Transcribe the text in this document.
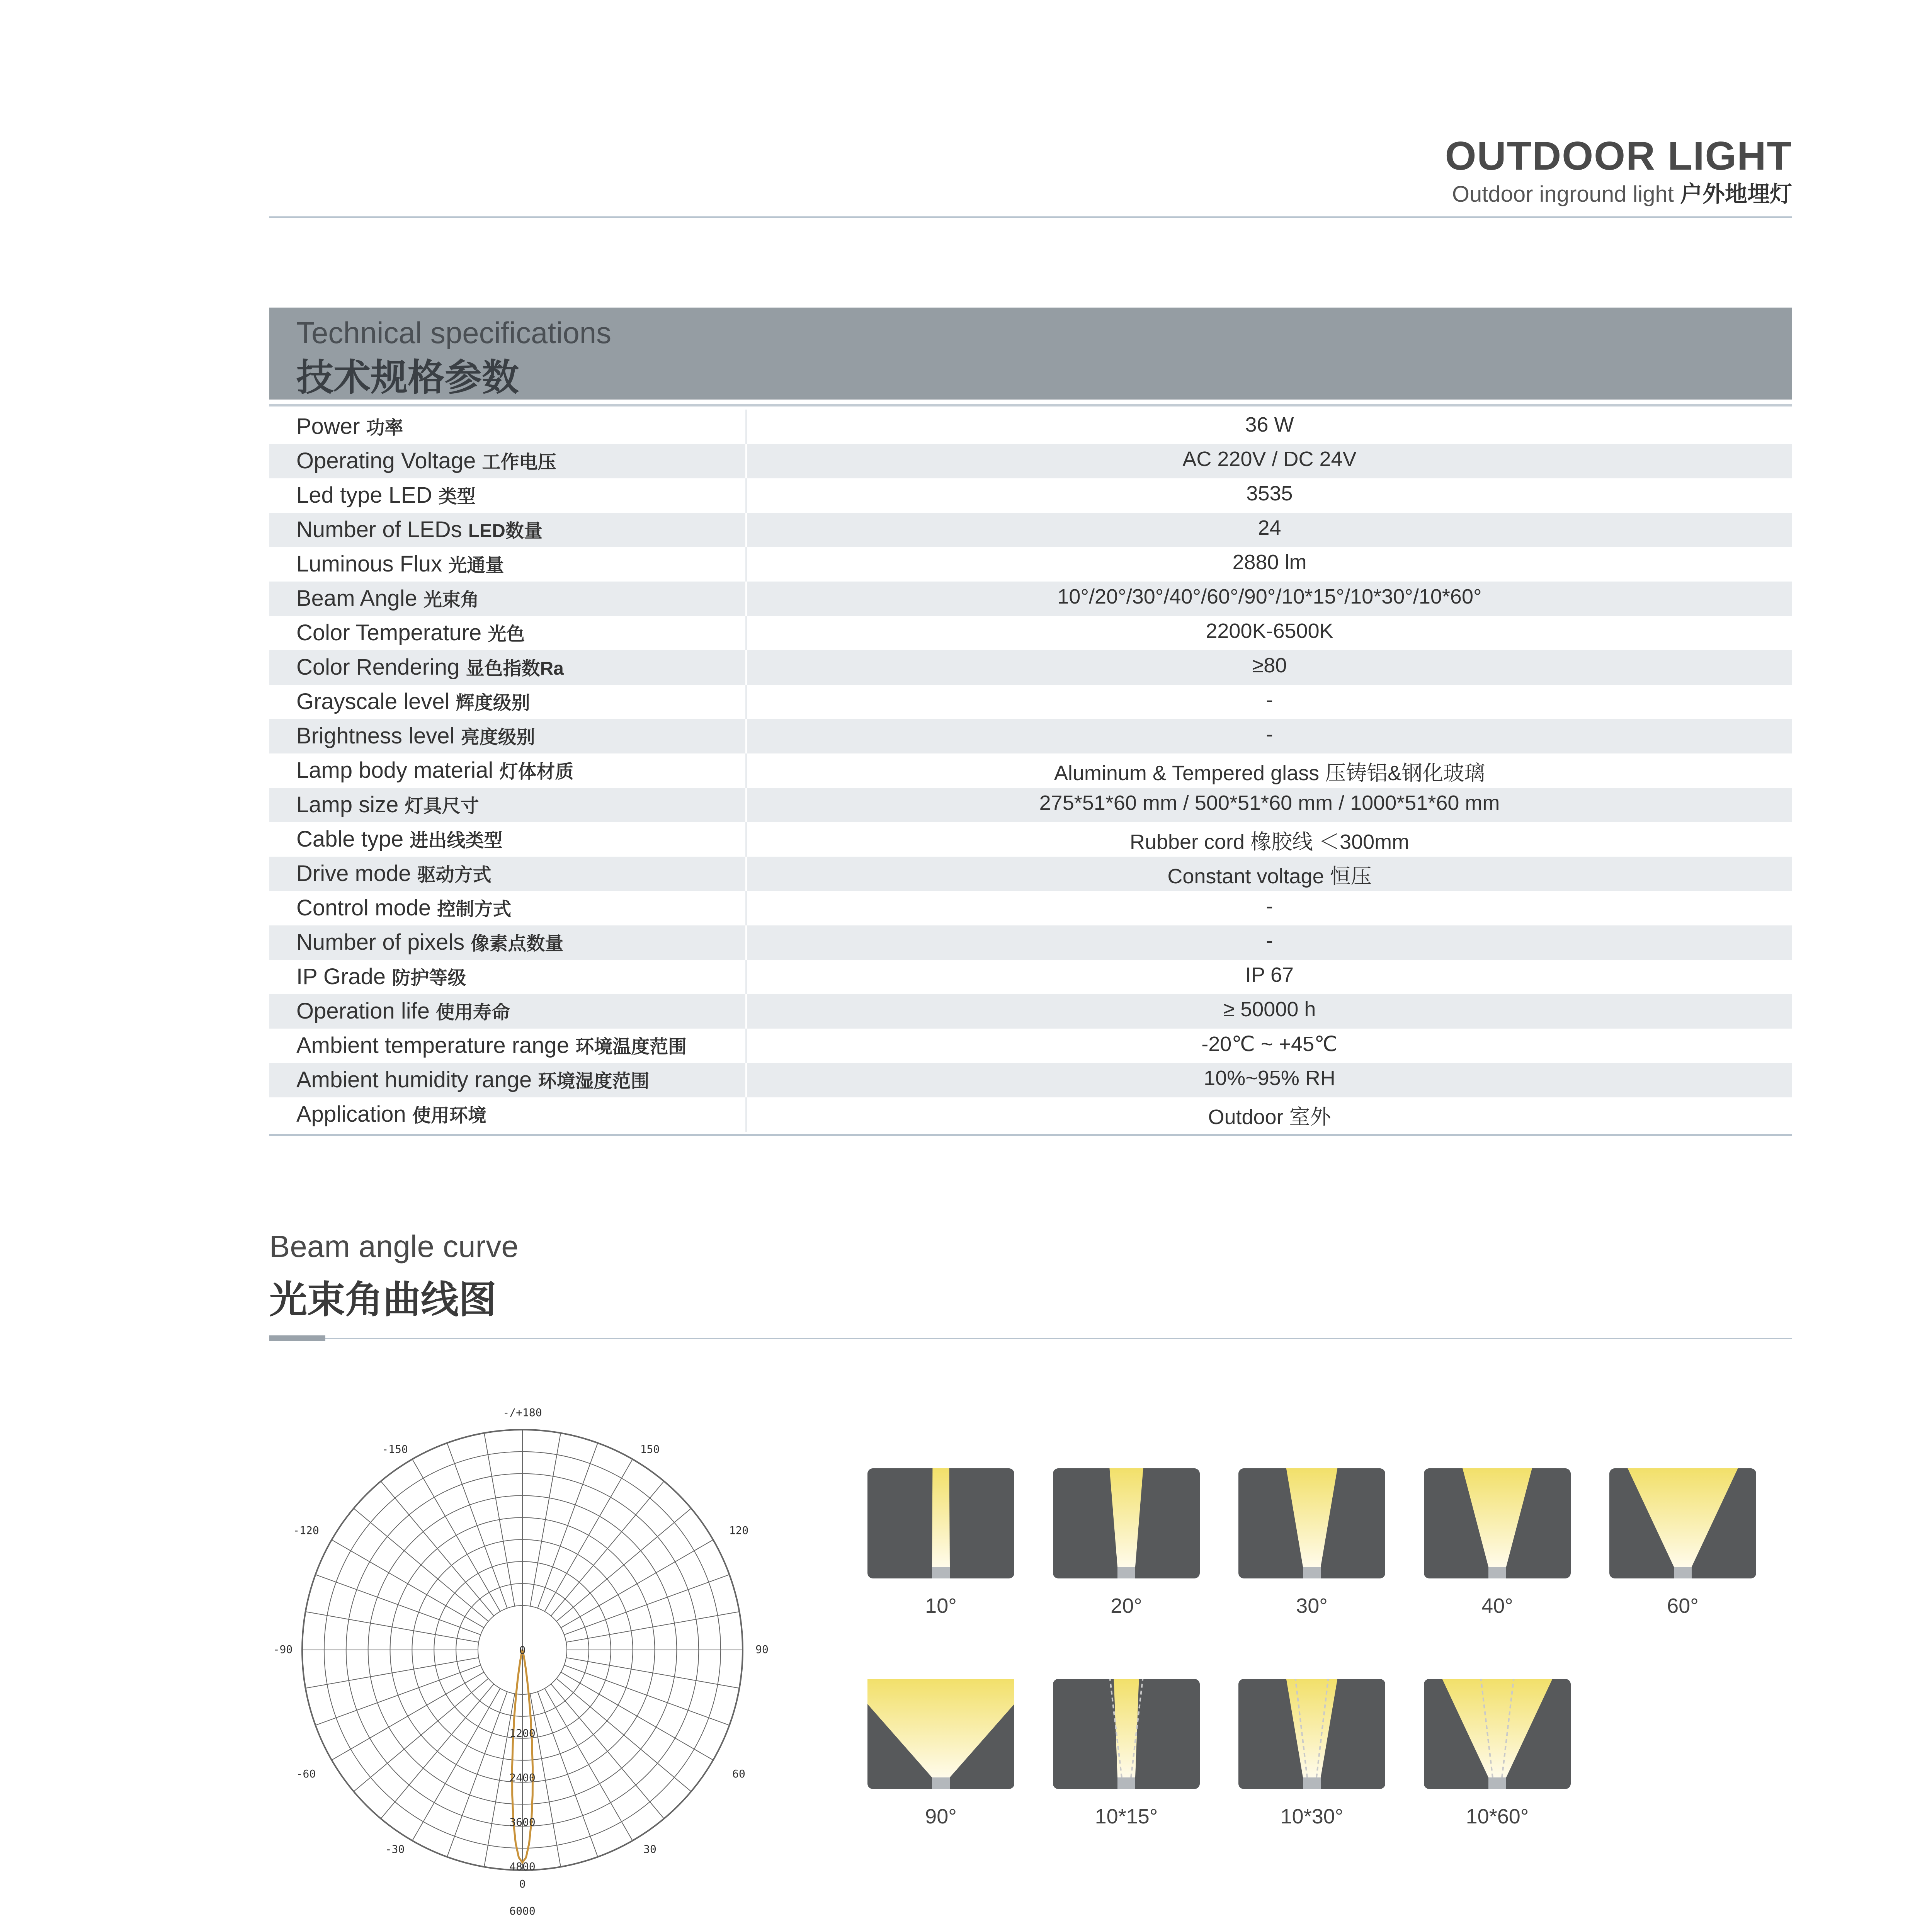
OUTDOOR LIGHT
Outdoor inground light 户外地埋灯
Technical specifications
技术规格参数
Power 功率	36 W
Operating Voltage 工作电压	AC 220V / DC 24V
Led type LED 类型	3535
Number of LEDs LED数量	24
Luminous Flux 光通量	2880 lm
Beam Angle 光束角	10°/20°/30°/40°/60°/90°/10*15°/10*30°/10*60°
Color Temperature 光色	2200K-6500K
Color Rendering 显色指数Ra	≥80
Grayscale level 辉度级别	-
Brightness level 亮度级别	-
Lamp body material 灯体材质	Aluminum & Tempered glass 压铸铝&钢化玻璃
Lamp size 灯具尺寸	275*51*60 mm / 500*51*60 mm / 1000*51*60 mm
Cable type 进出线类型	Rubber cord 橡胶线 ＜300mm
Drive mode 驱动方式	Constant voltage 恒压
Control mode 控制方式	-
Number of pixels 像素点数量	-
IP Grade 防护等级	IP 67
Operation life 使用寿命	≥ 50000 h
Ambient temperature range 环境温度范围	-20℃ ~ +45℃
Ambient humidity range 环境湿度范围	10%~95% RH
Application 使用环境	Outdoor 室外
Beam angle curve
光束角曲线图
-/+180
-150	150
-120	120
-90	90
-60	60
-30	30
0
0
1200
2400
3600
4800
6000
10°	20°	30°	40°	60°
90°	10*15°	10*30°	10*60°
